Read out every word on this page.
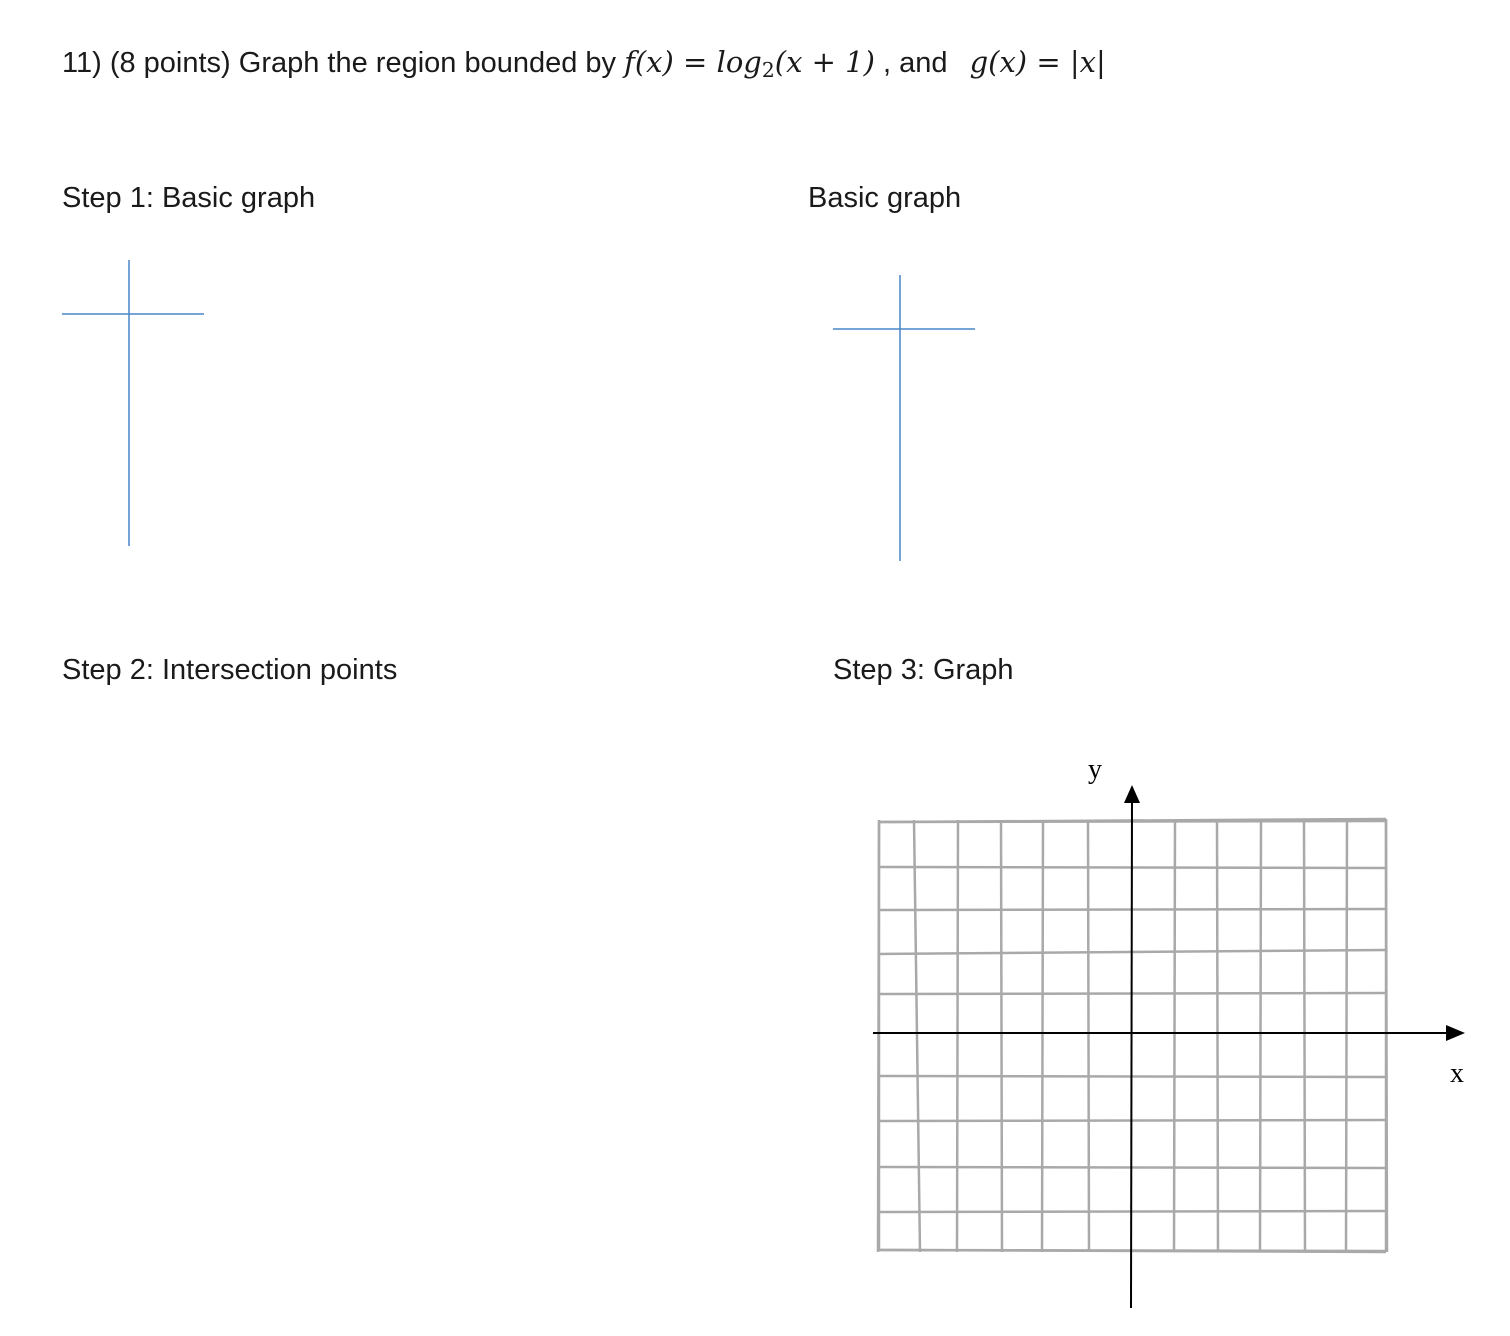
11) (8 points) Graph the region bounded by $f(x) = \log_2(x + 1)$ , and g(x) = |x|
Step 1: Basic graph	Basic graph
Step 2: Intersection points	Step 3: Graph
y
x
